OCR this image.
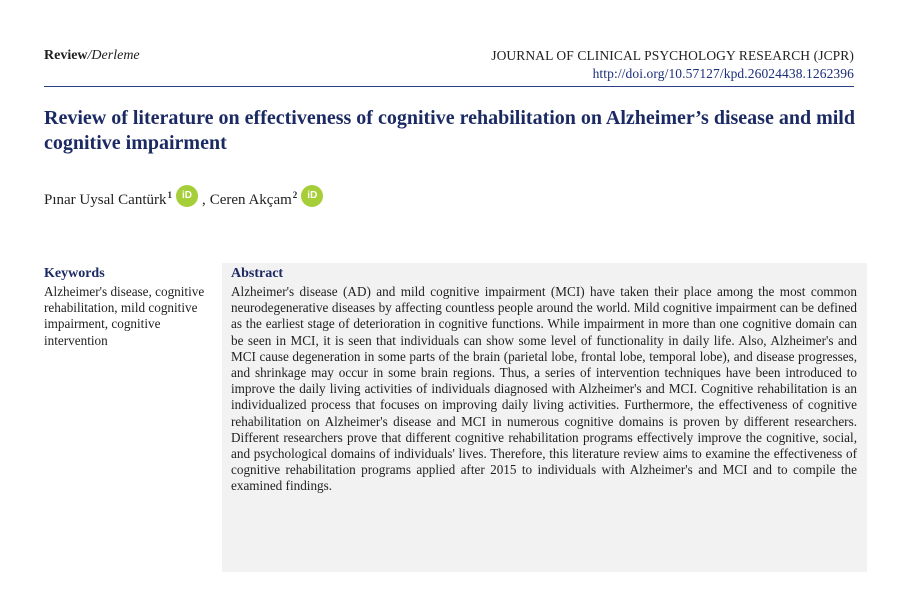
Review/Derleme	JOURNAL OF CLINICAL PSYCHOLOGY RESEARCH (JCPR)
http://doi.org/10.57127/kpd.26024438.1262396
Review of literature on effectiveness of cognitive rehabilitation on Alzheimer’s disease and mild cognitive impairment
Pınar Uysal Cantürk$^1$	iD , Ceren Akçam$^2$	iD
Keywords
Alzheimer's disease, cognitive rehabilitation, mild cognitive impairment, cognitive intervention
Abstract
Alzheimer's disease (AD) and mild cognitive impairment (MCI) have taken their place among the most common neurodegenerative diseases by affecting countless people around the world. Mild cognitive impairment can be defined as the earliest stage of deterioration in cognitive functions. While impairment in more than one cognitive domain can be seen in MCI, it is seen that individuals can show some level of functionality in daily life. Also, Alzheimer's and MCI cause degeneration in some parts of the brain (parietal lobe, frontal lobe, temporal lobe), and disease progresses, and shrinkage may occur in some brain regions. Thus, a series of intervention techniques have been introduced to improve the daily living activities of individuals diagnosed with Alzheimer's and MCI. Cognitive rehabilitation is an individualized process that focuses on improving daily living activities. Furthermore, the effectiveness of cognitive rehabilitation on Alzheimer's disease and MCI in numerous cognitive domains is proven by different researchers. Different researchers prove that different cognitive rehabilitation programs effectively improve the cognitive, social, and psychological domains of individuals' lives. Therefore, this literature review aims to examine the effectiveness of cognitive rehabilitation programs applied after 2015 to individuals with Alzheimer's and MCI and to compile the examined findings.
